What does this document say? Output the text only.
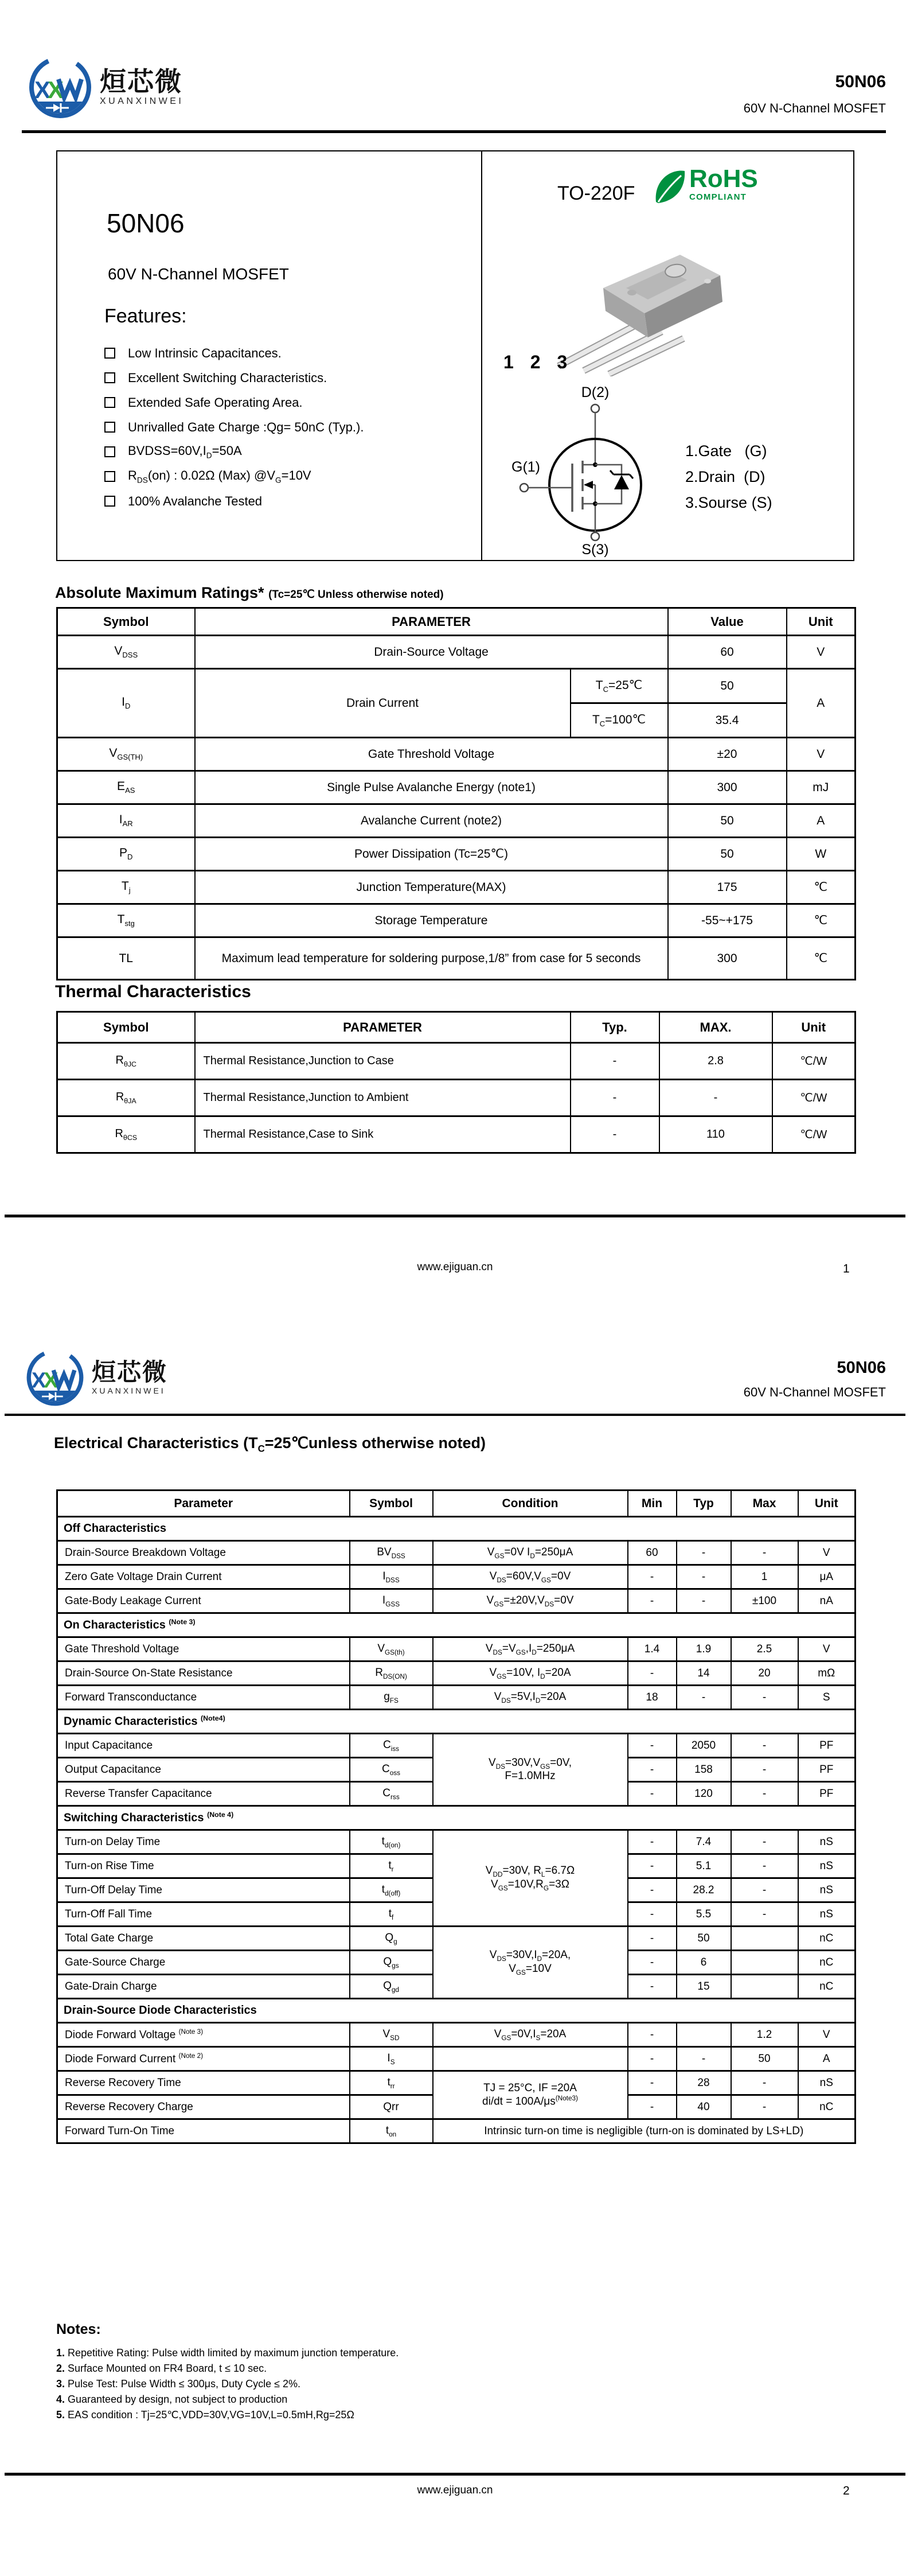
X
X 烜芯微
XUANXINWEI
50N06
60V N-Channel MOSFET
50N06
60V N-Channel MOSFET
Features:
Low Intrinsic Capacitances.
Excellent Switching Characteristics.
Extended Safe Operating Area.
Unrivalled Gate Charge :Qg= 50nC (Typ.).
$BVDSS=60V,I_D=50A$
$R_{DS}(on)$ : 0.02Ω (Max) $@V_G=10V$
100% Avalanche Tested
TO-220F
RoHS
COMPLIANT
1 2 3
D(2)
G(1)
S(3)
1.Gate   (G)
2.Drain  (D)
3.Sourse (S)
Absolute Maximum Ratings* (Tc=25℃ Unless otherwise noted)
Symbol	PARAMETER		Value	Unit
$V_{DSS}$	Drain-Source Voltage		60	V
$I_D$	Drain Current	$T_C=25℃$	50	A
		$T_C=100℃$	35.4	
$V_{GS(TH)}$	Gate Threshold Voltage		±20	V
$E_{AS}$	Single Pulse Avalanche Energy (note1)		300	mJ
$I_{AR}$	Avalanche Current (note2)		50	A
$P_D$	Power Dissipation (Tc=25℃)		50	W
$T_j$	Junction Temperature(MAX)		175	℃
$T_{stg}$	Storage Temperature		-55~+175	℃
TL	Maximum lead temperature for soldering purpose,1/8” from case for 5 seconds		300	℃
Thermal Characteristics
Symbol	PARAMETER	Typ.	MAX.	Unit
$R_{\theta JC}$	Thermal Resistance,Junction to Case	-	2.8	℃/W
$R_{\theta JA}$	Thermal Resistance,Junction to Ambient	-	-	℃/W
$R_{\theta CS}$	Thermal Resistance,Case to Sink	-	110	℃/W
www.ejiguan.cn	1
X
X 烜芯微
XUANXINWEI
50N06
60V N-Channel MOSFET
Electrical Characteristics ($T_C=25℃unless$ otherwise noted)
Parameter	Symbol	Condition	Min	Typ	Max	Unit
Off Characteristics						
Drain-Source Breakdown Voltage	$BV_{DSS}$	$V_{GS}=0V$ $I_D=250\mu A$	60	-	-	V
Zero Gate Voltage Drain Current	$I_{DSS}$	$V_{DS}=60V,V_{GS}=0V$	-	-	1	μA
Gate-Body Leakage Current	$I_{GSS}$	$V_{GS}=\pm 20V,V_{DS}=0V$	-	-	±100	nA
On Characteristics $^{(Note 3)}$
Gate Threshold Voltage	$V_{GS(th)}$	$V_{DS}=V_{GS},I_D=250\mu A$	1.4	1.9	2.5	V
Drain-Source On-State Resistance	$R_{DS(ON)}$	$V_{GS}=10V$, $I_D=20A$	-	14	20	mΩ
Forward Transconductance	$g_{FS}$	$V_{DS}=5V,I_D=20A$	18	-	-	S
Dynamic Characteristics $^{(Note4)}$
Input Capacitance	$C_{iss}$	$V_{DS}=30V,V_{GS}=0V$,
F=1.0MHz	-	2050	-	PF
Output Capacitance	$C_{oss}$		-	158	-	PF
Reverse Transfer Capacitance	$C_{rss}$		-	120	-	PF
Switching Characteristics $^{(Note 4)}$
Turn-on Delay Time	$t_{d(on)}$	$V_{DD}=30V$, $R_L=6.7\Omega$
$V_{GS}=10V,R_G=3\Omega$	-	7.4	-	nS
Turn-on Rise Time	$t_r$		-	5.1	-	nS
Turn-Off Delay Time	$t_{d(off)}$		-	28.2	-	nS
Turn-Off Fall Time	$t_f$		-	5.5	-	nS
Total Gate Charge	$Q_g$	$V_{DS}=30V,I_D=20A$,
$V_{GS}=10V$	-	50		nC
Gate-Source Charge	$Q_{gs}$		-	6		nC
Gate-Drain Charge	$Q_{gd}$		-	15		nC
Drain-Source Diode Characteristics						
Diode Forward Voltage $^{(Note 3)}$	$V_{SD}$	$V_{GS}=0V,I_S=20A$	-		1.2	V
Diode Forward Current $^{(Note 2)}$	$I_S$		-	-	50	A
Reverse Recovery Time	$t_{rr}$	TJ = 25°C, IF =20A
$di/dt = 100A/\mu s^{(Note3)}$	-	28	-	nS
Reverse Recovery Charge	Qrr		-	40	-	nC
Forward Turn-On Time	$t_{on}$	Intrinsic turn-on time is negligible (turn-on is dominated by LS+LD)				
Notes:
1. Repetitive Rating: Pulse width limited by maximum junction temperature.
2. Surface Mounted on FR4 Board, t ≤ 10 sec.
3. Pulse Test: Pulse Width ≤ 300μs, Duty Cycle ≤ 2%.
4. Guaranteed by design, not subject to production
5. EAS condition : Tj=25℃,VDD=30V,VG=10V,L=0.5mH,Rg=25Ω
www.ejiguan.cn	2
